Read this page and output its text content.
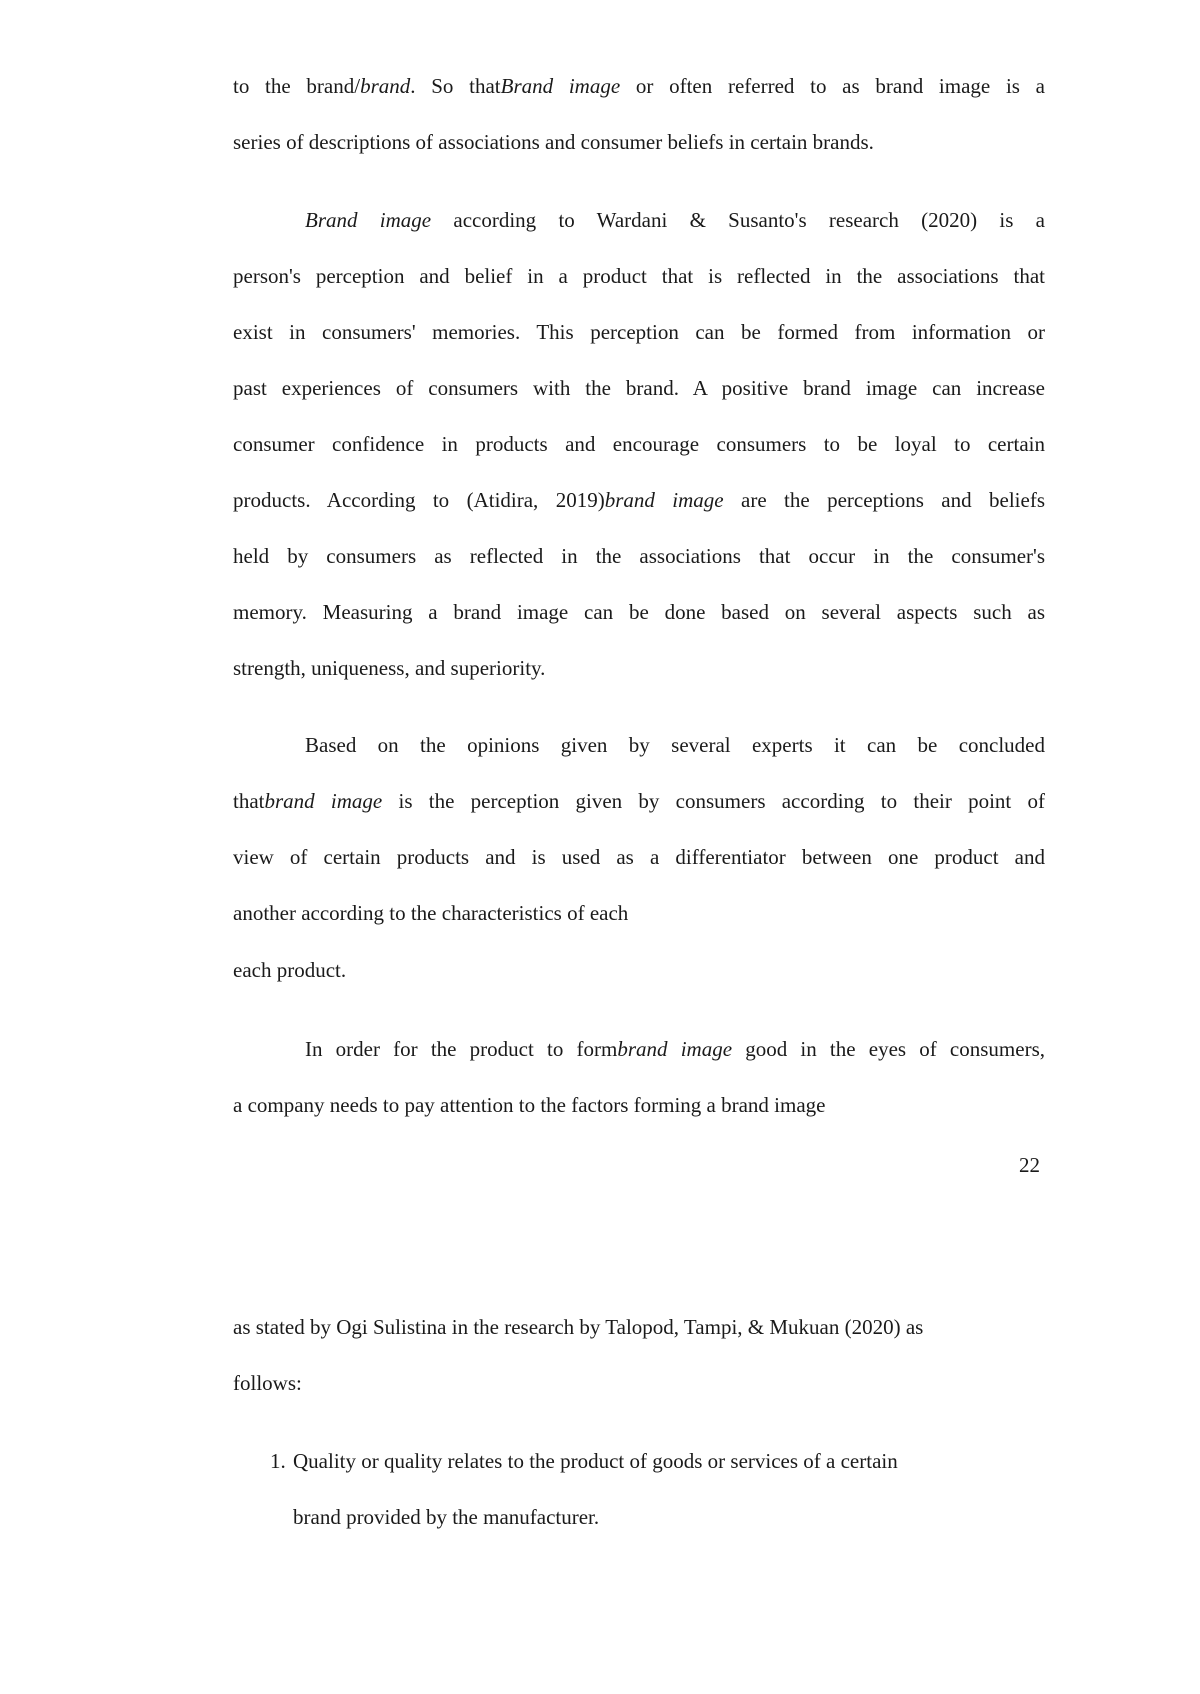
to the brand/brand. So thatBrand image or often referred to as brand image is a
series of descriptions of associations and consumer beliefs in certain brands.
Brand image according to Wardani & Susanto's research (2020) is a
person's perception and belief in a product that is reflected in the associations that
exist in consumers' memories. This perception can be formed from information or
past experiences of consumers with the brand. A positive brand image can increase
consumer confidence in products and encourage consumers to be loyal to certain
products. According to (Atidira, 2019)brand image are the perceptions and beliefs
held by consumers as reflected in the associations that occur in the consumer's
memory. Measuring a brand image can be done based on several aspects such as
strength, uniqueness, and superiority.
Based on the opinions given by several experts it can be concluded
thatbrand image is the perception given by consumers according to their point of
view of certain products and is used as a differentiator between one product and
another according to the characteristics of each
each product.
In order for the product to formbrand image good in the eyes of consumers,
a company needs to pay attention to the factors forming a brand image
22
as stated by Ogi Sulistina in the research by Talopod, Tampi, & Mukuan (2020) as
follows:
1. Quality or quality relates to the product of goods or services of a certain
brand provided by the manufacturer.
